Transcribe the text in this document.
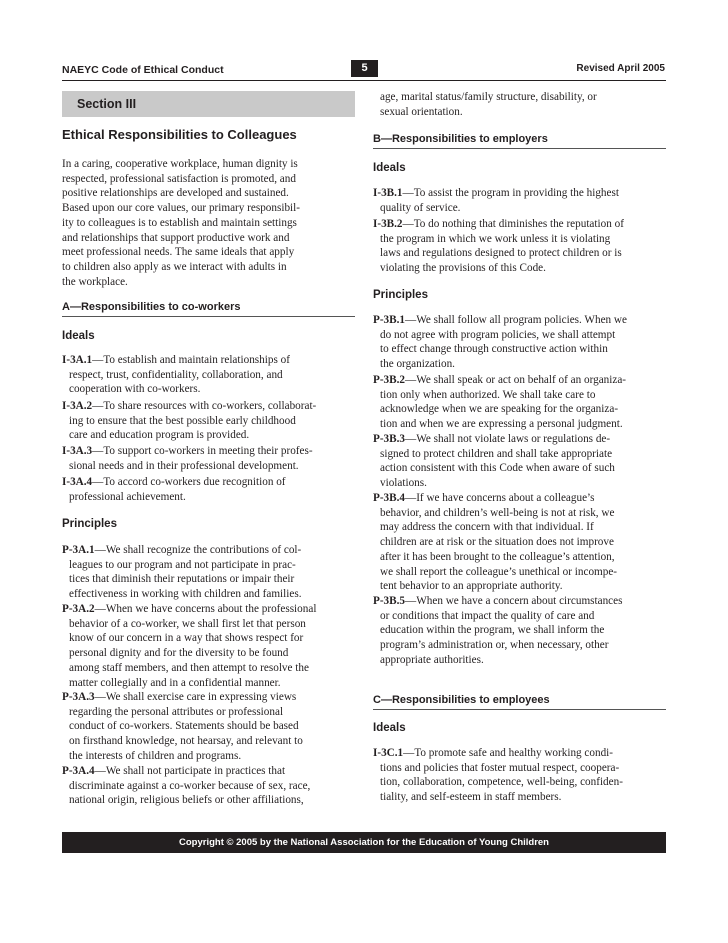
NAEYC Code of Ethical Conduct	5	Revised April 2005
Section III
Ethical Responsibilities to Colleagues
In a caring, cooperative workplace, human dignity is
respected, professional satisfaction is promoted, and
positive relationships are developed and sustained.
Based upon our core values, our primary responsibil-
ity to colleagues is to establish and maintain settings
and relationships that support productive work and
meet professional needs. The same ideals that apply
to children also apply as we interact with adults in
the workplace.
A—Responsibilities to co-workers
Ideals
I-3A.1—To establish and maintain relationships of
respect, trust, confidentiality, collaboration, and
cooperation with co-workers.
I-3A.2—To share resources with co-workers, collaborat-
ing to ensure that the best possible early childhood
care and education program is provided.
I-3A.3—To support co-workers in meeting their profes-
sional needs and in their professional development.
I-3A.4—To accord co-workers due recognition of
professional achievement.
Principles
P-3A.1—We shall recognize the contributions of col-
leagues to our program and not participate in prac-
tices that diminish their reputations or impair their
effectiveness in working with children and families.
P-3A.2—When we have concerns about the professional
behavior of a co-worker, we shall first let that person
know of our concern in a way that shows respect for
personal dignity and for the diversity to be found
among staff members, and then attempt to resolve the
matter collegially and in a confidential manner.
P-3A.3—We shall exercise care in expressing views
regarding the personal attributes or professional
conduct of co-workers. Statements should be based
on firsthand knowledge, not hearsay, and relevant to
the interests of children and programs.
P-3A.4—We shall not participate in practices that
discriminate against a co-worker because of sex, race,
national origin, religious beliefs or other affiliations,
age, marital status/family structure, disability, or
sexual orientation.
B—Responsibilities to employers
Ideals
I-3B.1—To assist the program in providing the highest
quality of service.
I-3B.2—To do nothing that diminishes the reputation of
the program in which we work unless it is violating
laws and regulations designed to protect children or is
violating the provisions of this Code.
Principles
P-3B.1—We shall follow all program policies. When we
do not agree with program policies, we shall attempt
to effect change through constructive action within
the organization.
P-3B.2—We shall speak or act on behalf of an organiza-
tion only when authorized. We shall take care to
acknowledge when we are speaking for the organiza-
tion and when we are expressing a personal judgment.
P-3B.3—We shall not violate laws or regulations de-
signed to protect children and shall take appropriate
action consistent with this Code when aware of such
violations.
P-3B.4—If we have concerns about a colleague’s
behavior, and children’s well-being is not at risk, we
may address the concern with that individual. If
children are at risk or the situation does not improve
after it has been brought to the colleague’s attention,
we shall report the colleague’s unethical or incompe-
tent behavior to an appropriate authority.
P-3B.5—When we have a concern about circumstances
or conditions that impact the quality of care and
education within the program, we shall inform the
program’s administration or, when necessary, other
appropriate authorities.
C—Responsibilities to employees
Ideals
I-3C.1—To promote safe and healthy working condi-
tions and policies that foster mutual respect, coopera-
tion, collaboration, competence, well-being, confiden-
tiality, and self-esteem in staff members.
Copyright © 2005 by the National Association for the Education of Young Children
